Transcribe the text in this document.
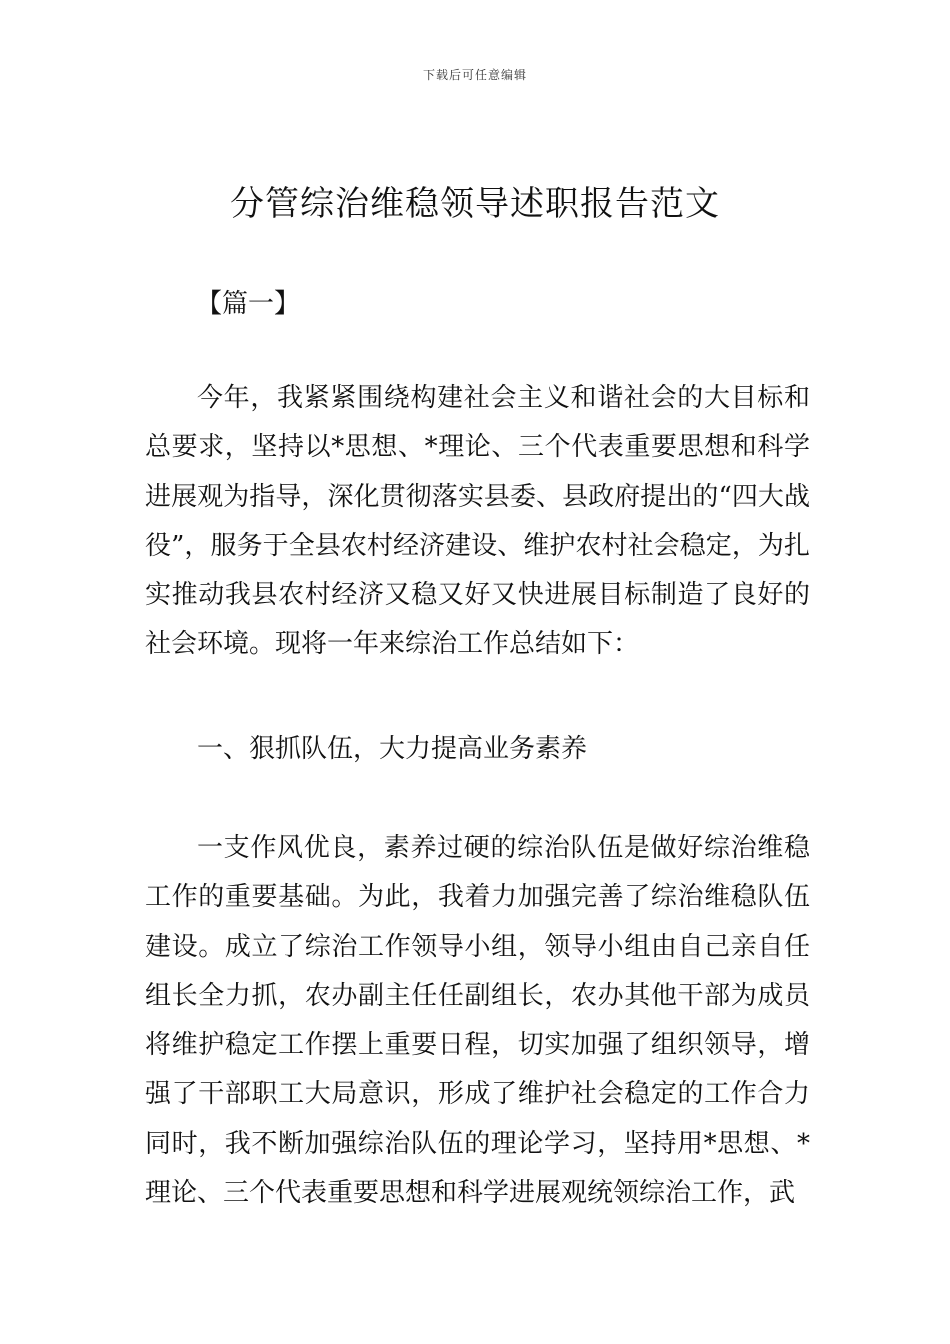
下载后可任意编辑
分管综治维稳领导述职报告范文
【篇一】

今年，我紧紧围绕构建社会主义和谐社会的大目标和总要求，坚持以*思想、*理论、三个代表重要思想和科学进展观为指导，深化贯彻落实县委、县政府提出的“四大战役”，服务于全县农村经济建设、维护农村社会稳定，为扎实推动我县农村经济又稳又好又快进展目标制造了良好的社会环境。现将一年来综治工作总结如下：

一、狠抓队伍，大力提高业务素养

一支作风优良，素养过硬的综治队伍是做好综治维稳工作的重要基础。为此，我着力加强完善了综治维稳队伍建设。成立了综治工作领导小组，领导小组由自己亲自任组长全力抓，农办副主任任副组长，农办其他干部为成员将维护稳定工作摆上重要日程，切实加强了组织领导，增强了干部职工大局意识，形成了维护社会稳定的工作合力同时，我不断加强综治队伍的理论学习，坚持用*思想、*理论、三个代表重要思想和科学进展观统领综治工作，武
